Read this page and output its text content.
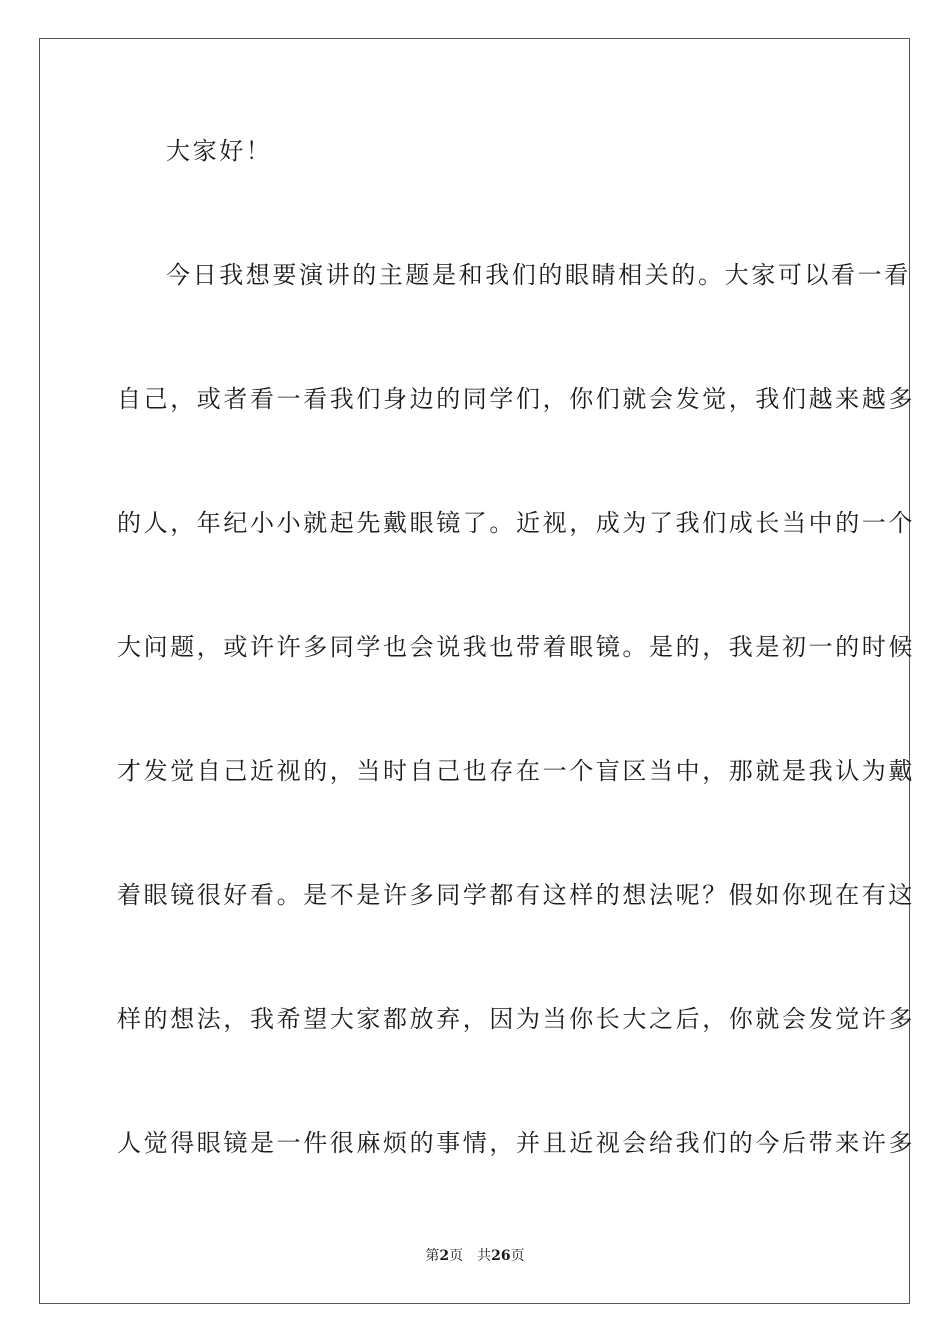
大家好！
今日我想要演讲的主题是和我们的眼睛相关的。大家可以看一看
自己，或者看一看我们身边的同学们，你们就会发觉，我们越来越多
的人，年纪小小就起先戴眼镜了。近视，成为了我们成长当中的一个
大问题，或许许多同学也会说我也带着眼镜。是的，我是初一的时候
才发觉自己近视的，当时自己也存在一个盲区当中，那就是我认为戴
着眼镜很好看。是不是许多同学都有这样的想法呢？假如你现在有这
样的想法，我希望大家都放弃，因为当你长大之后，你就会发觉许多
人觉得眼镜是一件很麻烦的事情，并且近视会给我们的今后带来许多
第2页 共26页
